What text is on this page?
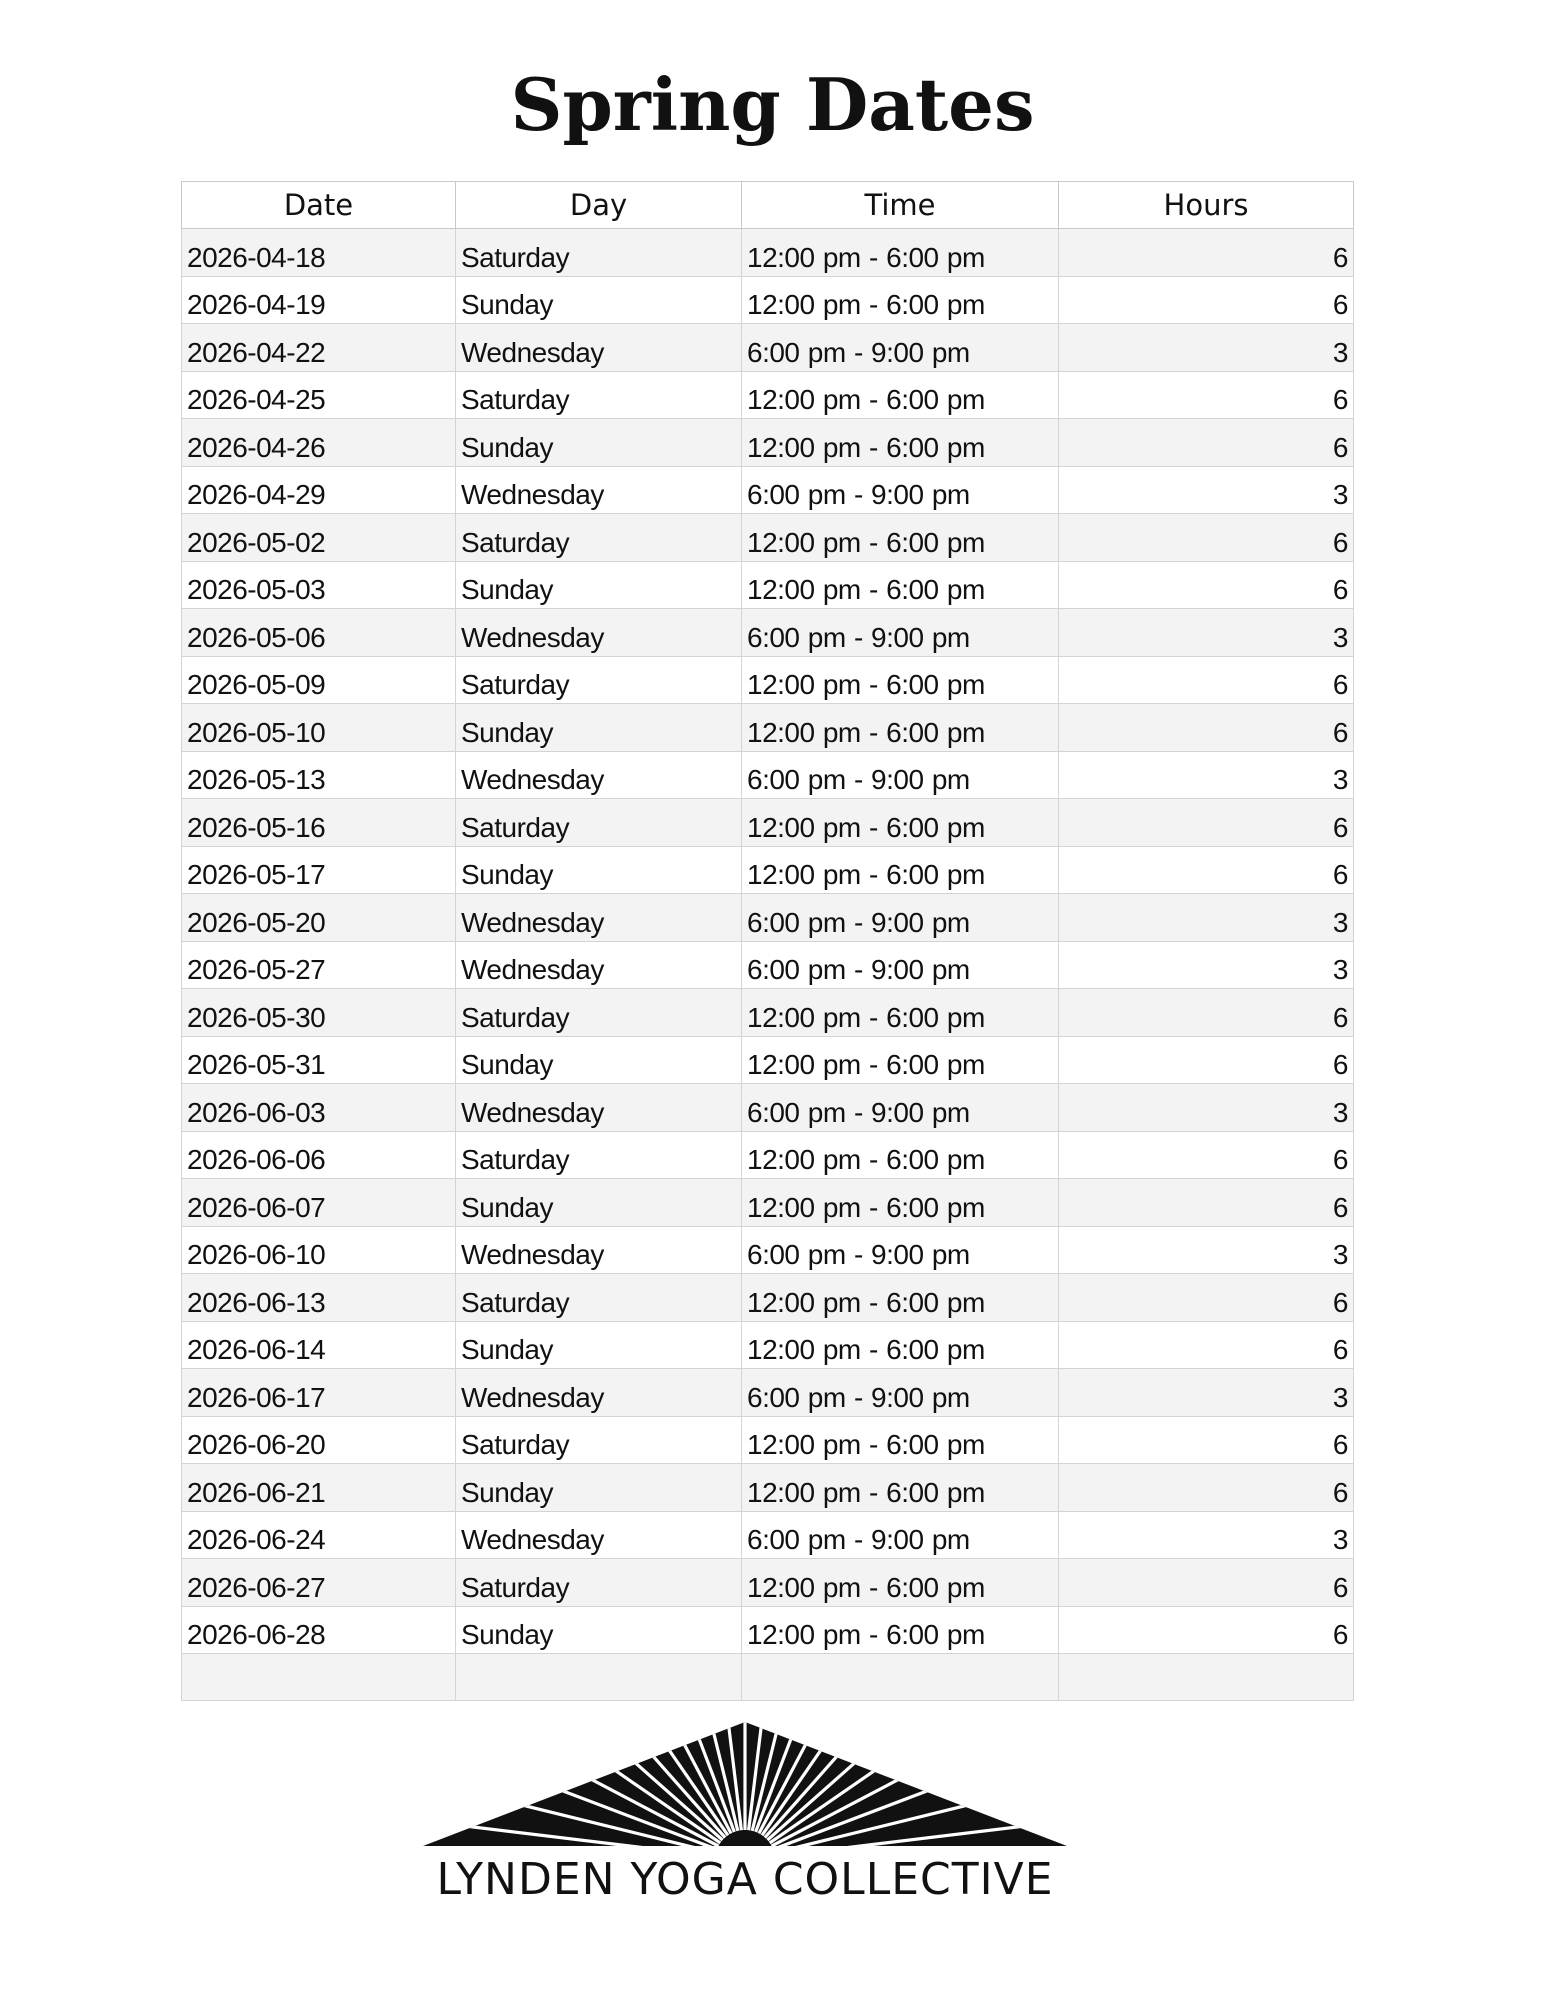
Spring Dates
Date	Day	Time	Hours
2026-04-18	Saturday	12:00 pm - 6:00 pm	6
2026-04-19	Sunday	12:00 pm - 6:00 pm	6
2026-04-22	Wednesday	6:00 pm - 9:00 pm	3
2026-04-25	Saturday	12:00 pm - 6:00 pm	6
2026-04-26	Sunday	12:00 pm - 6:00 pm	6
2026-04-29	Wednesday	6:00 pm - 9:00 pm	3
2026-05-02	Saturday	12:00 pm - 6:00 pm	6
2026-05-03	Sunday	12:00 pm - 6:00 pm	6
2026-05-06	Wednesday	6:00 pm - 9:00 pm	3
2026-05-09	Saturday	12:00 pm - 6:00 pm	6
2026-05-10	Sunday	12:00 pm - 6:00 pm	6
2026-05-13	Wednesday	6:00 pm - 9:00 pm	3
2026-05-16	Saturday	12:00 pm - 6:00 pm	6
2026-05-17	Sunday	12:00 pm - 6:00 pm	6
2026-05-20	Wednesday	6:00 pm - 9:00 pm	3
2026-05-27	Wednesday	6:00 pm - 9:00 pm	3
2026-05-30	Saturday	12:00 pm - 6:00 pm	6
2026-05-31	Sunday	12:00 pm - 6:00 pm	6
2026-06-03	Wednesday	6:00 pm - 9:00 pm	3
2026-06-06	Saturday	12:00 pm - 6:00 pm	6
2026-06-07	Sunday	12:00 pm - 6:00 pm	6
2026-06-10	Wednesday	6:00 pm - 9:00 pm	3
2026-06-13	Saturday	12:00 pm - 6:00 pm	6
2026-06-14	Sunday	12:00 pm - 6:00 pm	6
2026-06-17	Wednesday	6:00 pm - 9:00 pm	3
2026-06-20	Saturday	12:00 pm - 6:00 pm	6
2026-06-21	Sunday	12:00 pm - 6:00 pm	6
2026-06-24	Wednesday	6:00 pm - 9:00 pm	3
2026-06-27	Saturday	12:00 pm - 6:00 pm	6
2026-06-28	Sunday	12:00 pm - 6:00 pm	6

LYNDEN YOGA COLLECTIVE
